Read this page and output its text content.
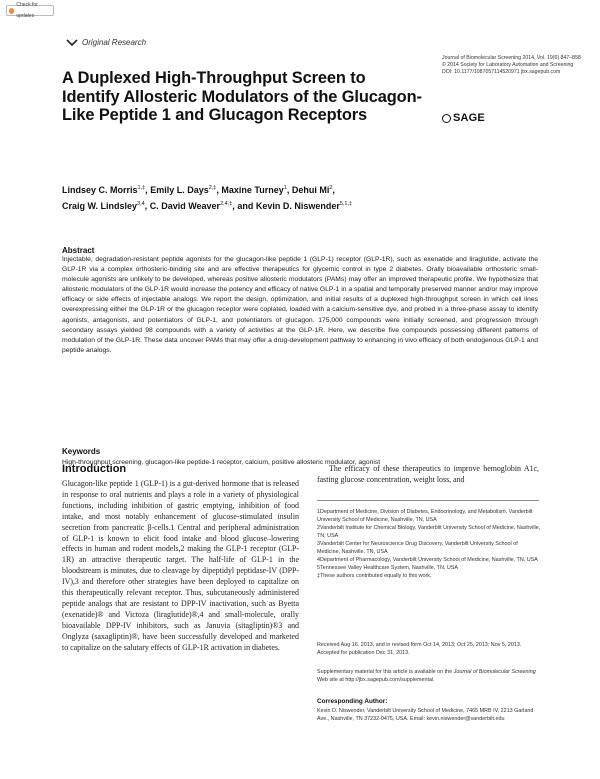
Check for updates
Original Research
Journal of Biomolecular Screening 2014, Vol. 19(6) 847–858 © 2014 Society for Laboratory Automation and Screening DOI: 10.1177/1087057114520971 jbx.sagepub.com
SAGE
A Duplexed High-Throughput Screen to Identify Allosteric Modulators of the Glucagon-Like Peptide 1 and Glucagon Receptors
Lindsey C. Morris$^{1,\ddagger}$, Emily L. Days$^{2,\ddagger}$, Maxine Turney$^1$, Dehui Mi$^2$,
Craig W. Lindsley$^{3,4}$, C. David Weaver$^{2,4,\ddagger}$, and Kevin D. Niswender$^{5,1,\ddagger}$
Abstract
Injectable, degradation-resistant peptide agonists for the glucagon-like peptide 1 (GLP-1) receptor (GLP-1R), such as exenatide and liraglutide, activate the GLP-1R via a complex orthosteric-binding site and are effective therapeutics for glycemic control in type 2 diabetes. Orally bioavailable orthosteric small-molecule agonists are unlikely to be developed, whereas positive allosteric modulators (PAMs) may offer an improved therapeutic profile. We hypothesize that allosteric modulators of the GLP-1R would increase the potency and efficacy of native GLP-1 in a spatial and temporally preserved manner and/or may improve efficacy or side effects of injectable analogs. We report the design, optimization, and initial results of a duplexed high-throughput screen in which cell lines overexpressing either the GLP-1R or the glucagon receptor were coplated, loaded with a calcium-sensitive dye, and probed in a three-phase assay to identify agonists, antagonists, and potentiators of GLP-1, and potentiators of glucagon. 175,000 compounds were initially screened, and progression through secondary assays yielded 98 compounds with a variety of activities at the GLP-1R. Here, we describe five compounds possessing different patterns of modulation of the GLP-1R. These data uncover PAMs that may offer a drug-development pathway to enhancing in vivo efficacy of both endogenous GLP-1 and peptide analogs.
Keywords
High-throughput screening, glucagon-like peptide-1 receptor, calcium, positive allosteric modulator, agonist
Introduction
Glucagon-like peptide 1 (GLP-1) is a gut-derived hormone that is released in response to oral nutrients and plays a role in a variety of physiological functions, including inhibition of gastric emptying, inhibition of food intake, and most notably enhancement of glucose-stimulated insulin secretion from pancreatic β-cells.1 Central and peripheral administration of GLP-1 is known to elicit food intake and blood glucose–lowering effects in human and rodent models,2 making the GLP-1 receptor (GLP-1R) an attractive therapeutic target. The half-life of GLP-1 in the bloodstream is minutes, due to cleavage by dipeptidyl peptidase-IV (DPP-IV),3 and therefore other strategies have been deployed to capitalize on this therapeutically relevant receptor. Thus, subcutaneously administered peptide analogs that are resistant to DPP-IV inactivation, such as Byetta (exenatide)® and Victoza (liraglutide)®,4 and small-molecule, orally bioavailable DPP-IV inhibitors, such as Januvia (sitagliptin)®3 and Onglyza (saxagliptin)®, have been successfully developed and marketed to capitalize on the salutary effects of GLP-1R activation in diabetes.
The efficacy of these therapeutics to improve hemoglobin A1c, fasting glucose concentration, weight loss, and

1Department of Medicine, Division of Diabetes, Endocrinology, and Metabolism, Vanderbilt University School of Medicine, Nashville, TN, USA

2Vanderbilt Institute for Chemical Biology, Vanderbilt University School of Medicine, Nashville, TN, USA

3Vanderbilt Center for Neuroscience Drug Discovery, Vanderbilt University School of Medicine, Nashville, TN, USA

4Department of Pharmacology, Vanderbilt University School of Medicine, Nashville, TN, USA

5Tennessee Valley Healthcare System, Nashville, TN, USA

‡These authors contributed equally to this work.

Received Aug 16, 2013, and in revised form Oct 14, 2013; Oct 25, 2013; Nov 5, 2013. Accepted for publication Dec 31, 2013.
Supplementary material for this article is available on the Journal of Biomolecular Screening Web site at http://jbx.sagepub.com/supplemental.
Corresponding Author:
Kevin D. Niswender, Vanderbilt University School of Medicine, 7465 MRB IV, 2213 Garland Ave., Nashville, TN 37232-0475, USA. Email: kevin.niswender@vanderbilt.edu
